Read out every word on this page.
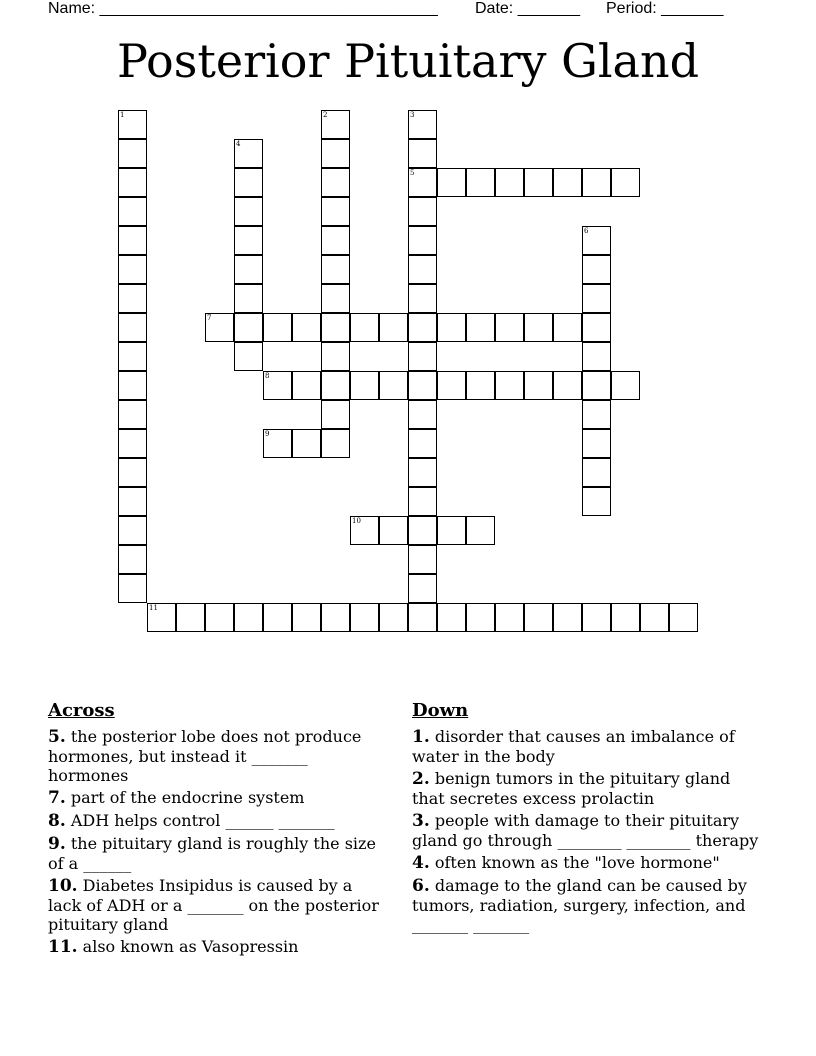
Name: ______________________________________ Date: _______ Period: _______
Posterior Pituitary Gland
1	2	3
5
4
6
7
8
9
10
11
Across
5. the posterior lobe does not produce hormones, but instead it _______ hormones
7. part of the endocrine system
8. ADH helps control ______ _______
9. the pituitary gland is roughly the size of a ______
10. Diabetes Insipidus is caused by a lack of ADH or a _______ on the posterior pituitary gland
11. also known as Vasopressin
Down
1. disorder that causes an imbalance of water in the body
2. benign tumors in the pituitary gland that secretes excess prolactin
3. people with damage to their pituitary gland go through ________ ________ therapy
4. often known as the "love hormone"
6. damage to the gland can be caused by tumors, radiation, surgery, infection, and _______ _______
